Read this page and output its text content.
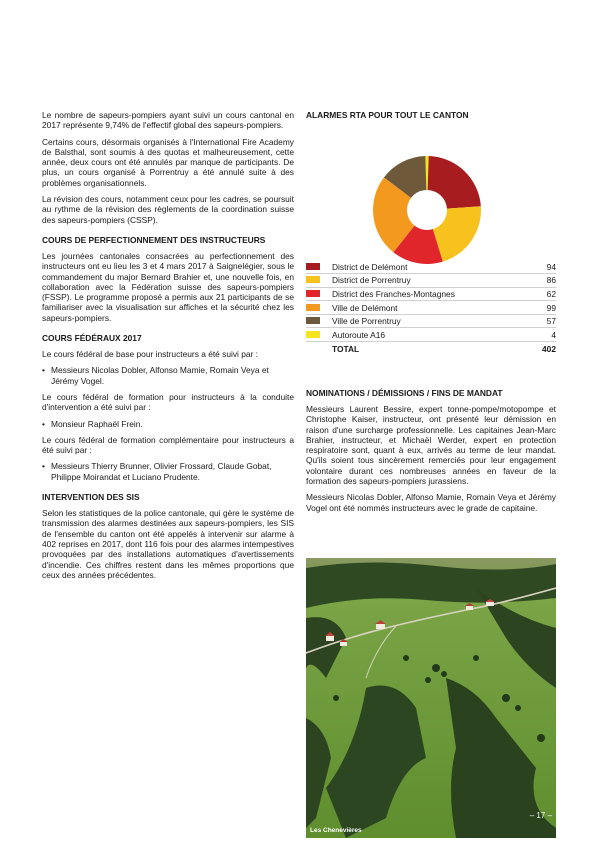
Le nombre de sapeurs-pompiers ayant suivi un cours cantonal en 2017 représente 9,74% de l'effectif global des sapeurs-pompiers.

Certains cours, désormais organisés à l'International Fire Academy de Balsthal, sont soumis à des quotas et malheureusement, cette année, deux cours ont été annulés par manque de participants. De plus, un cours organisé à Porrentruy a été annulé suite à des problèmes organisationnels.

La révision des cours, notamment ceux pour les cadres, se poursuit au rythme de la révision des règlements de la coordination suisse des sapeurs-pompiers (CSSP).

COURS DE PERFECTIONNEMENT DES INSTRUCTEURS

Les journées cantonales consacrées au perfectionnement des instructeurs ont eu lieu les 3 et 4 mars 2017 à Saignelégier, sous le commandement du major Bernard Brahier et, une nouvelle fois, en collaboration avec la Fédération suisse des sapeurs-pompiers (FSSP). Le programme proposé a permis aux 21 participants de se familiariser avec la visualisation sur affiches et la sécurité chez les sapeurs-pompiers.

COURS FÉDÉRAUX 2017

Le cours fédéral de base pour instructeurs a été suivi par :

• Messieurs Nicolas Dobler, Alfonso Mamie, Romain Veya et Jérémy Vogel.

Le cours fédéral de formation pour instructeurs à la conduite d'intervention a été suivi par :

• Monsieur Raphaël Frein.

Le cours fédéral de formation complémentaire pour instructeurs a été suivi par :

• Messieurs Thierry Brunner, Olivier Frossard, Claude Gobat, Philippe Moirandat et Luciano Prudente.
INTERVENTION DES SIS

Selon les statistiques de la police cantonale, qui gère le système de transmission des alarmes destinées aux sapeurs-pompiers, les SIS de l'ensemble du canton ont été appelés à intervenir sur alarme à 402 reprises en 2017, dont 116 fois pour des alarmes intempestives provoquées par des installations automatiques d'avertissements d'incendie. Ces chiffres restent dans les mêmes proportions que ceux des années précédentes.

ALARMES RTA POUR TOUT LE CANTON
	District de Delémont	94
	District de Porrentruy	86
	District des Franches-Montagnes	62
	Ville de Delémont	99
	Ville de Porrentruy	57
	Autoroute A16	4
	TOTAL	402
NOMINATIONS / DÉMISSIONS / FINS DE MANDAT

Messieurs Laurent Bessire, expert tonne-pompe/motopompe et Christophe Kaiser, instructeur, ont présenté leur démission en raison d'une surcharge professionnelle. Les capitaines Jean-Marc Brahier, instructeur, et Michaël Werder, expert en protection respiratoire sont, quant à eux, arrivés au terme de leur mandat. Qu'ils soient tous sincèrement remerciés pour leur engagement volontaire durant ces nombreuses années en faveur de la formation des sapeurs-pompiers jurassiens.

Messieurs Nicolas Dobler, Alfonso Mamie, Romain Veya et Jérémy Vogel ont été nommés instructeurs avec le grade de capitaine.

– 17 –
Les Chenevières
